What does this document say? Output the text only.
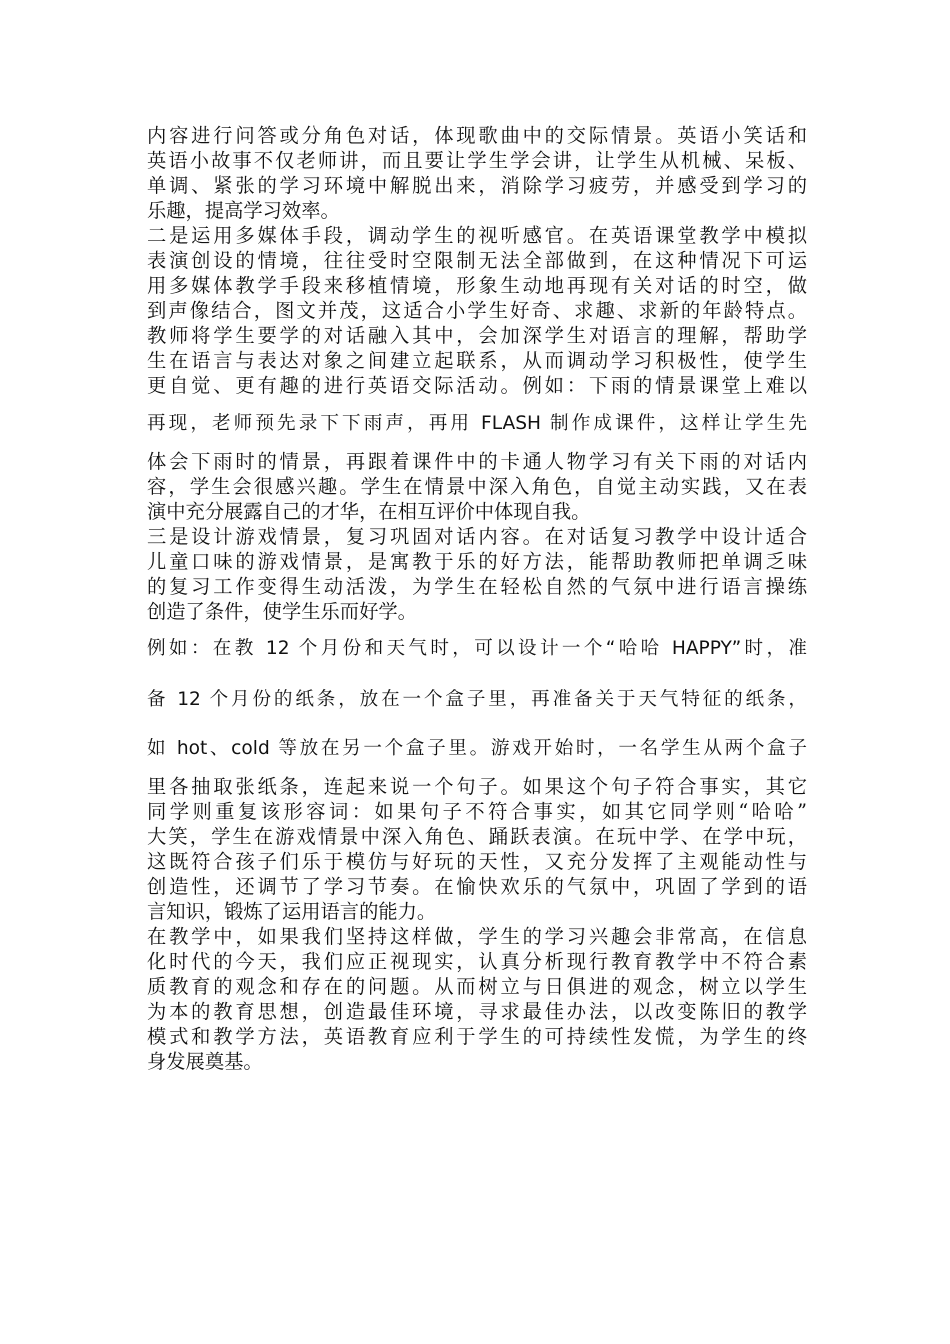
内容进行问答或分角色对话，体现歌曲中的交际情景。英语小笑话和
英语小故事不仅老师讲，而且要让学生学会讲，让学生从机械、呆板、
单调、紧张的学习环境中解脱出来，消除学习疲劳，并感受到学习的
乐趣，提高学习效率。
二是运用多媒体手段，调动学生的视听感官。在英语课堂教学中模拟
表演创设的情境，往往受时空限制无法全部做到，在这种情况下可运
用多媒体教学手段来移植情境，形象生动地再现有关对话的时空，做
到声像结合，图文并茂，这适合小学生好奇、求趣、求新的年龄特点。
教师将学生要学的对话融入其中，会加深学生对语言的理解，帮助学
生在语言与表达对象之间建立起联系，从而调动学习积极性，使学生
更自觉、更有趣的进行英语交际活动。例如：下雨的情景课堂上难以
再现，老师预先录下下雨声，再用 FLASH 制作成课件，这样让学生先
体会下雨时的情景，再跟着课件中的卡通人物学习有关下雨的对话内
容，学生会很感兴趣。学生在情景中深入角色，自觉主动实践，又在表
演中充分展露自己的才华，在相互评价中体现自我。
三是设计游戏情景，复习巩固对话内容。在对话复习教学中设计适合
儿童口味的游戏情景，是寓教于乐的好方法，能帮助教师把单调乏味
的复习工作变得生动活泼，为学生在轻松自然的气氛中进行语言操练
创造了条件，使学生乐而好学。
例如：在教 12 个月份和天气时，可以设计一个“哈哈 HAPPY”时，准
备 12 个月份的纸条，放在一个盒子里，再准备关于天气特征的纸条，
如 hot、cold 等放在另一个盒子里。游戏开始时，一名学生从两个盒子
里各抽取张纸条，连起来说一个句子。如果这个句子符合事实，其它
同学则重复该形容词：如果句子不符合事实，如其它同学则“哈哈”
大笑，学生在游戏情景中深入角色、踊跃表演。在玩中学、在学中玩，
这既符合孩子们乐于模仿与好玩的天性，又充分发挥了主观能动性与
创造性，还调节了学习节奏。在愉快欢乐的气氛中，巩固了学到的语
言知识，锻炼了运用语言的能力。
在教学中，如果我们坚持这样做，学生的学习兴趣会非常高，在信息
化时代的今天，我们应正视现实，认真分析现行教育教学中不符合素
质教育的观念和存在的问题。从而树立与日俱进的观念，树立以学生
为本的教育思想，创造最佳环境，寻求最佳办法，以改变陈旧的教学
模式和教学方法，英语教育应利于学生的可持续性发慌，为学生的终
身发展奠基。
